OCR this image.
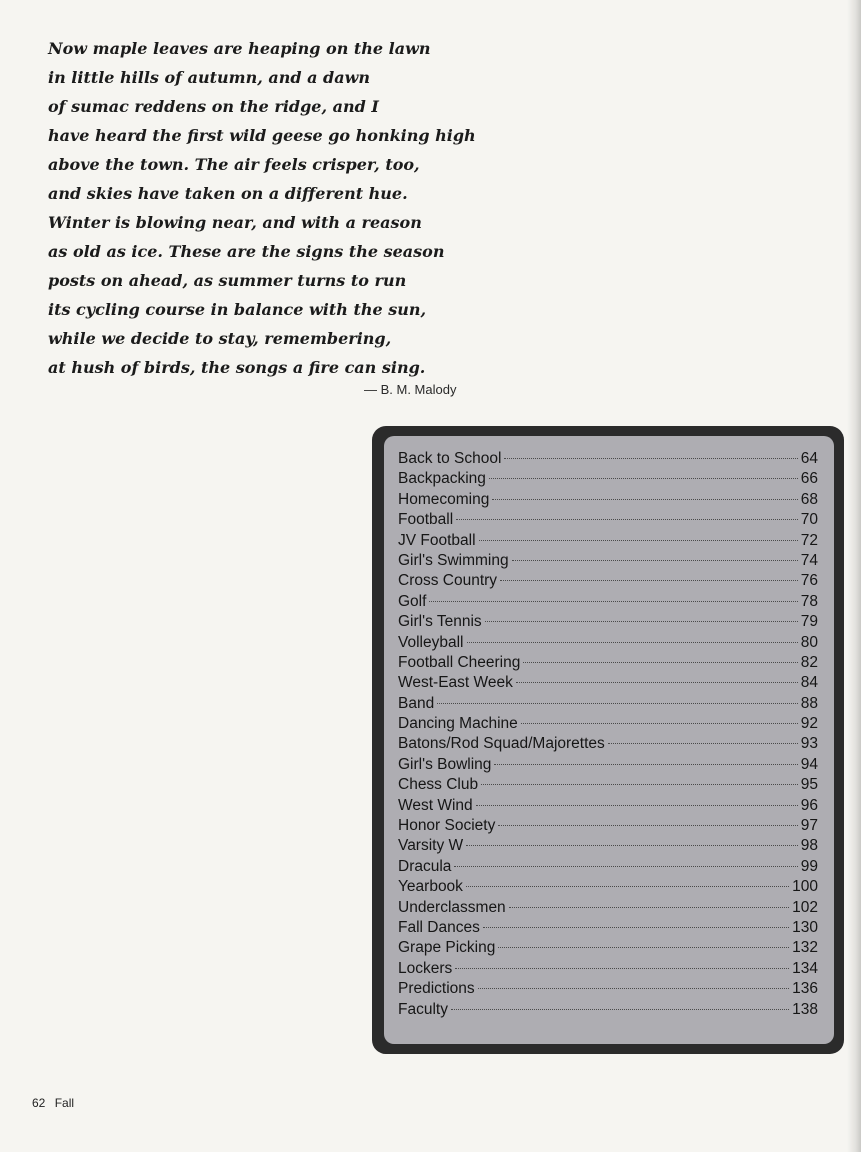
Now maple leaves are heaping on the lawn
in little hills of autumn, and a dawn
of sumac reddens on the ridge, and I
have heard the first wild geese go honking high
above the town. The air feels crisper, too,
and skies have taken on a different hue.
Winter is blowing near, and with a reason
as old as ice. These are the signs the season
posts on ahead, as summer turns to run
its cycling course in balance with the sun,
while we decide to stay, remembering,
at hush of birds, the songs a fire can sing.
— B. M. Malody
Back to School	64
Backpacking	66
Homecoming	68
Football	70
JV Football	72
Girl's Swimming	74
Cross Country	76
Golf	78
Girl's Tennis	79
Volleyball	80
Football Cheering	82
West-East Week	84
Band	88
Dancing Machine	92
Batons/Rod Squad/Majorettes	93
Girl's Bowling	94
Chess Club	95
West Wind	96
Honor Society	97
Varsity W	98
Dracula	99
Yearbook	100
Underclassmen	102
Fall Dances	130
Grape Picking	132
Lockers	134
Predictions	136
Faculty	138
62 Fall
